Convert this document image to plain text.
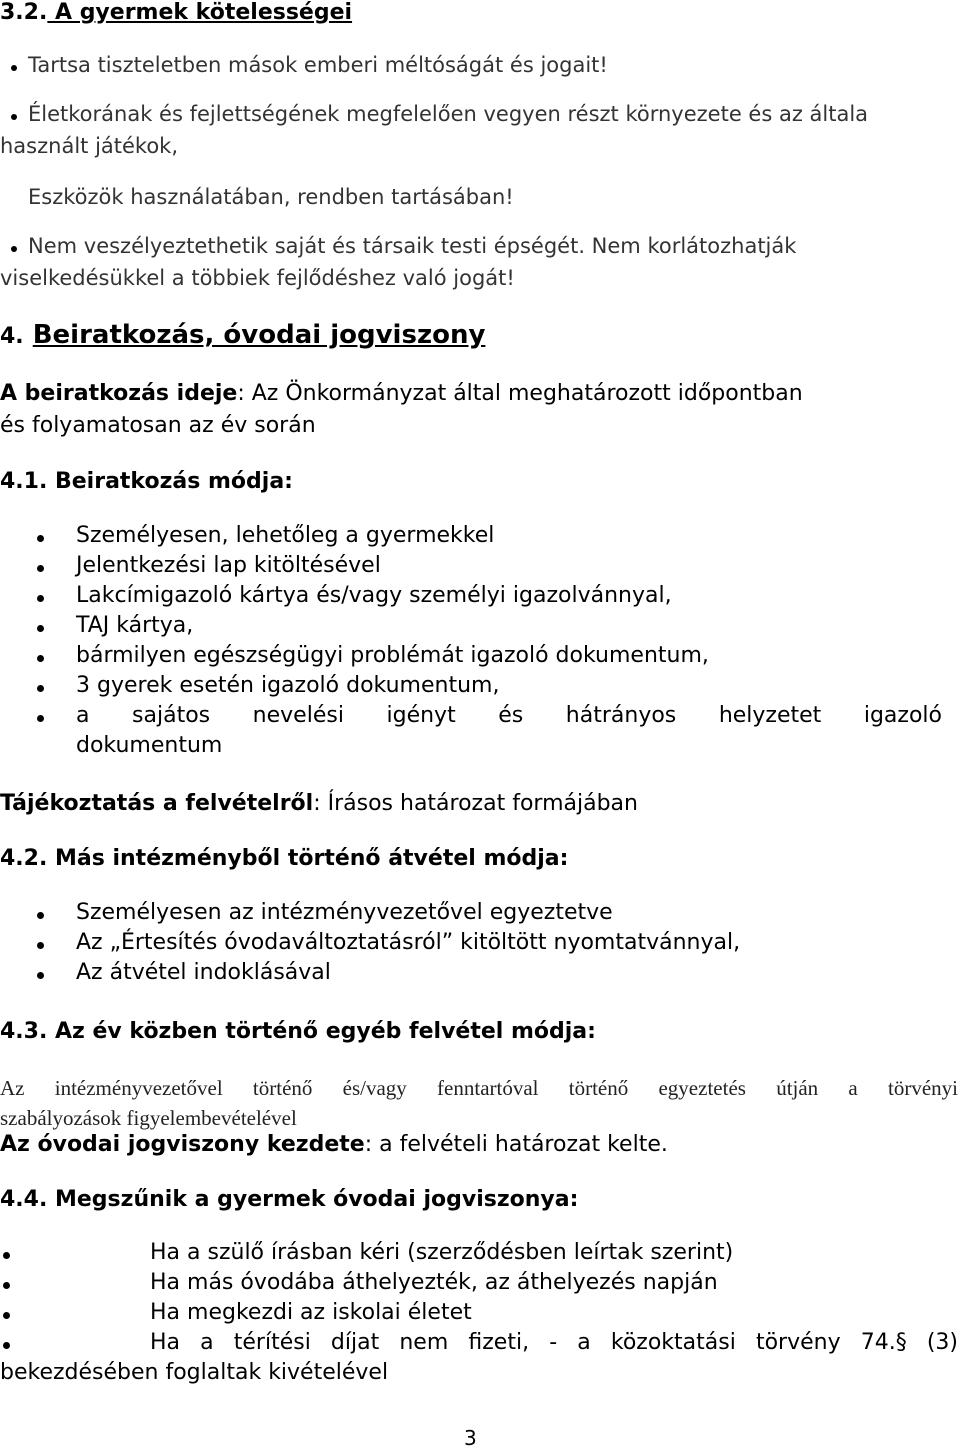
3.2. A gyermek kötelességei
Tartsa tiszteletben mások emberi méltóságát és jogait!
Életkorának és fejlettségének megfelelően vegyen részt környezete és az általa
használt játékok,
Eszközök használatában, rendben tartásában!
Nem veszélyeztethetik saját és társaik testi épségét. Nem korlátozhatják
viselkedésükkel a többiek fejlődéshez való jogát!
4. Beiratkozás, óvodai jogviszony
A beiratkozás ideje: Az Önkormányzat által meghatározott időpontban
és folyamatosan az év során
4.1. Beiratkozás módja:
Személyesen, lehetőleg a gyermekkel
Jelentkezési lap kitöltésével
Lakcímigazoló kártya és/vagy személyi igazolvánnyal,
TAJ kártya,
bármilyen egészségügyi problémát igazoló dokumentum,
3 gyerek esetén igazoló dokumentum,
a sajátos nevelési igényt és hátrányos helyzetet igazoló
dokumentum
Tájékoztatás a felvételről: Írásos határozat formájában
4.2. Más intézményből történő átvétel módja:
Személyesen az intézményvezetővel egyeztetve
Az „Értesítés óvodaváltoztatásról” kitöltött nyomtatvánnyal,
Az átvétel indoklásával
4.3. Az év közben történő egyéb felvétel módja:
Az intézményvezetővel történő és/vagy fenntartóval történő egyeztetés útján a törvényi
szabályozások figyelembevételével
Az óvodai jogviszony kezdete: a felvételi határozat kelte.
4.4. Megszűnik a gyermek óvodai jogviszonya:
Ha a szülő írásban kéri (szerződésben leírtak szerint)
Ha más óvodába áthelyezték, az áthelyezés napján
Ha megkezdi az iskolai életet
Ha a térítési díjat nem fizeti, - a közoktatási törvény 74.§ (3)
bekezdésében foglaltak kivételével
3
